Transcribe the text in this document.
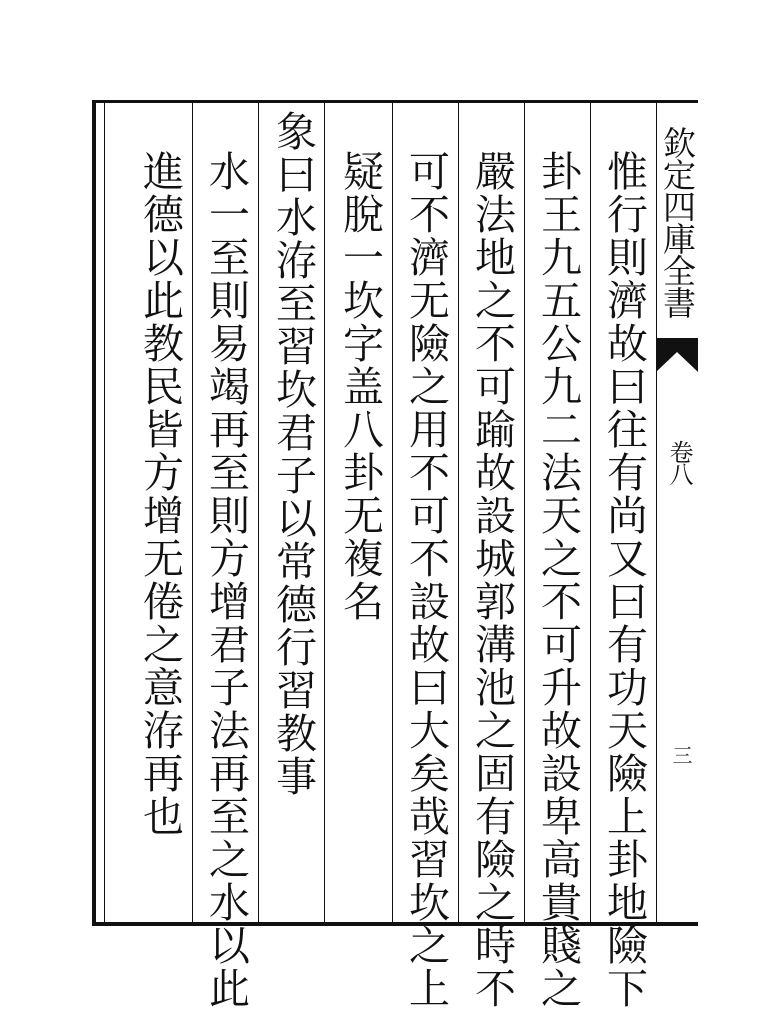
欽定四庫全書
卷八
三
惟行則濟故曰往有尚又曰有功天險上卦地險下
卦王九五公九二法天之不可升故設卑高貴賤之
嚴法地之不可踰故設城郭溝池之固有險之時不
可不濟无險之用不可不設故曰大矣哉習坎之上
疑脫一坎字盖八卦无複名
象曰水洊至習坎君子以常德行習教事
水一至則易竭再至則方增君子法再至之水以此
進德以此教民皆方增无倦之意洊再也
